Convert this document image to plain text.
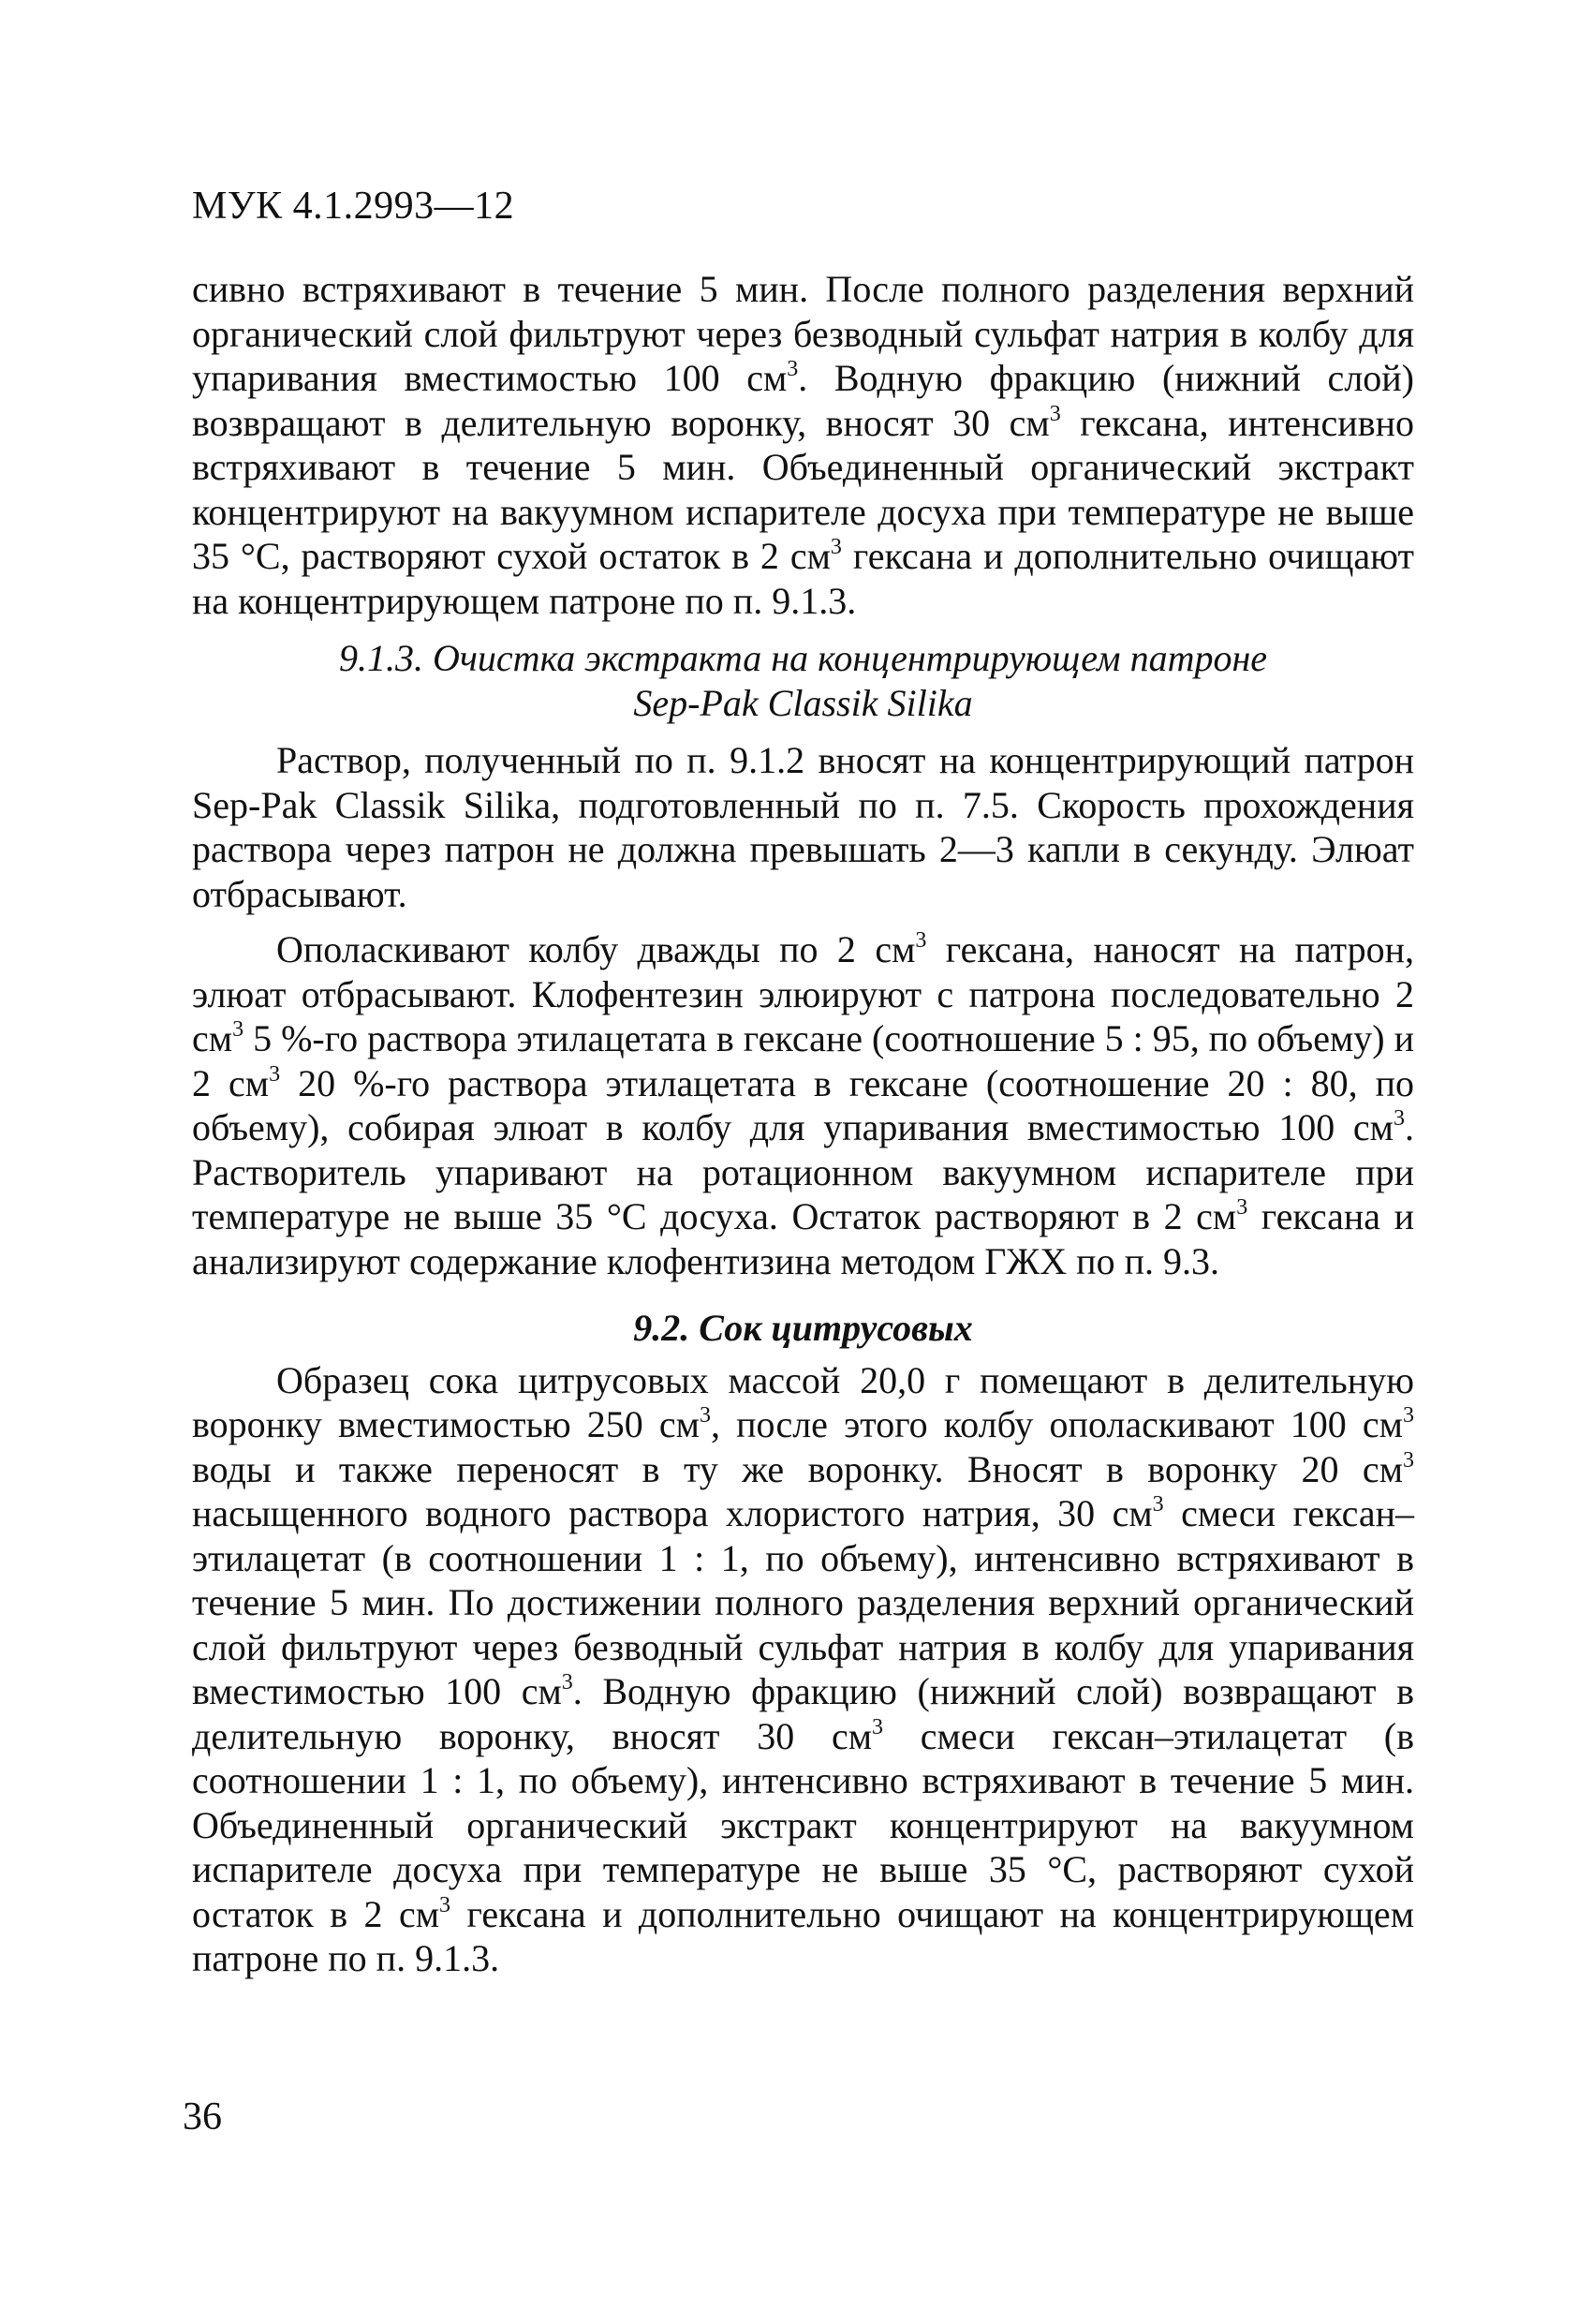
МУК 4.1.2993—12

сивно встряхивают в течение 5 мин. После полного разделения верхний органический слой фильтруют через безводный сульфат натрия в колбу для упаривания вместимостью 100 $см^3$. Водную фракцию (нижний слой) возвращают в делительную воронку, вносят 30 $см^3$ гексана, интенсивно встряхивают в течение 5 мин. Объединенный органический экстракт концентрируют на вакуумном испарителе досуха при температуре не выше 35 °С, растворяют сухой остаток в 2 $см^3$ гексана и дополнительно очищают на концентрирующем патроне по п. 9.1.3.

9.1.3. Очистка экстракта на концентрирующем патроне
Sep-Pak Classik Silika

Раствор, полученный по п. 9.1.2 вносят на концентрирующий патрон Sep-Pak Classik Silika, подготовленный по п. 7.5. Скорость прохождения раствора через патрон не должна превышать 2—3 капли в секунду. Элюат отбрасывают.

Ополаскивают колбу дважды по 2 $см^3$ гексана, наносят на патрон, элюат отбрасывают. Клофентезин элюируют с патрона последовательно 2 $см^3$ 5 %-го раствора этилацетата в гексане (соотношение 5 : 95, по объему) и 2 $см^3$ 20 %-го раствора этилацетата в гексане (соотношение 20 : 80, по объему), собирая элюат в колбу для упаривания вместимостью 100 $см^3$. Растворитель упаривают на ротационном вакуумном испарителе при температуре не выше 35 °С досуха. Остаток растворяют в 2 $см^3$ гексана и анализируют содержание клофентизина методом ГЖХ по п. 9.3.

9.2. Сок цитрусовых

Образец сока цитрусовых массой 20,0 г помещают в делительную воронку вместимостью 250 $см^3$, после этого колбу ополаскивают 100 $см^3$ воды и также переносят в ту же воронку. Вносят в воронку 20 $см^3$ насыщенного водного раствора хлористого натрия, 30 $см^3$ смеси гексан–этилацетат (в соотношении 1 : 1, по объему), интенсивно встряхивают в течение 5 мин. По достижении полного разделения верхний органический слой фильтруют через безводный сульфат натрия в колбу для упаривания вместимостью 100 $см^3$. Водную фракцию (нижний слой) возвращают в делительную воронку, вносят 30 $см^3$ смеси гексан–этилацетат (в соотношении 1 : 1, по объему), интенсивно встряхивают в течение 5 мин. Объединенный органический экстракт концентрируют на вакуумном испарителе досуха при температуре не выше 35 °С, растворяют сухой остаток в 2 $см^3$ гексана и дополнительно очищают на концентрирующем патроне по п. 9.1.3.

36
